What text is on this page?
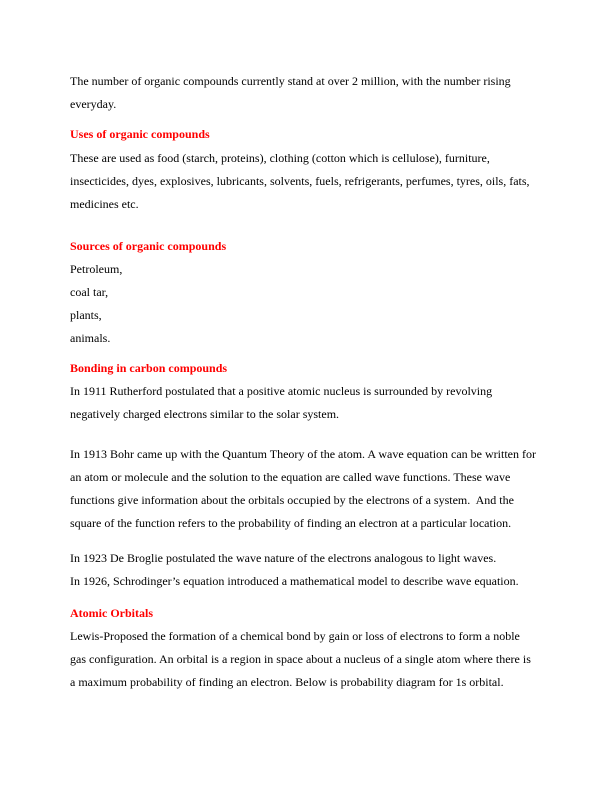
The number of organic compounds currently stand at over 2 million, with the number rising
everyday.
Uses of organic compounds
These are used as food (starch, proteins), clothing (cotton which is cellulose), furniture,
insecticides, dyes, explosives, lubricants, solvents, fuels, refrigerants, perfumes, tyres, oils, fats,
medicines etc.
Sources of organic compounds
Petroleum,
coal tar,
plants,
animals.
Bonding in carbon compounds
In 1911 Rutherford postulated that a positive atomic nucleus is surrounded by revolving
negatively charged electrons similar to the solar system.
In 1913 Bohr came up with the Quantum Theory of the atom. A wave equation can be written for
an atom or molecule and the solution to the equation are called wave functions. These wave
functions give information about the orbitals occupied by the electrons of a system.  And the
square of the function refers to the probability of finding an electron at a particular location.
In 1923 De Broglie postulated the wave nature of the electrons analogous to light waves.
In 1926, Schrodinger’s equation introduced a mathematical model to describe wave equation.
Atomic Orbitals
Lewis-Proposed the formation of a chemical bond by gain or loss of electrons to form a noble
gas configuration. An orbital is a region in space about a nucleus of a single atom where there is
a maximum probability of finding an electron. Below is probability diagram for 1s orbital.
